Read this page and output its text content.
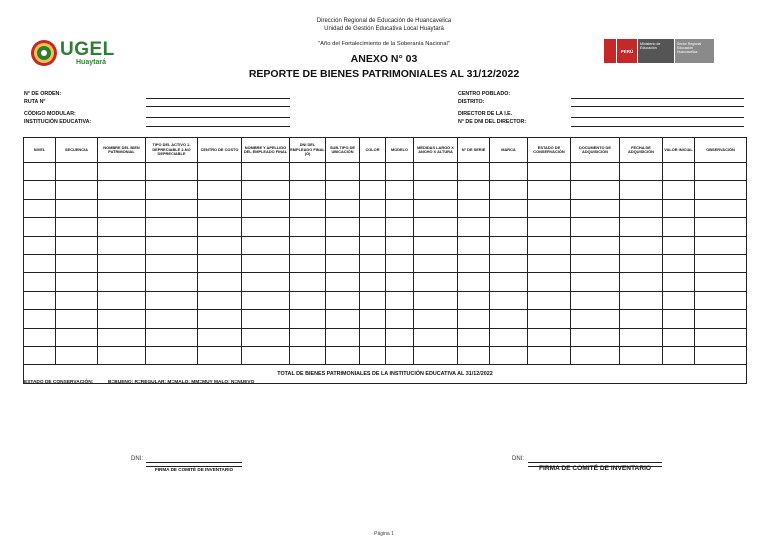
Dirección Regional de Educación de Huancavelica
Unidad de Gestión Educativa Local Huaytará
"Año del Fortalecimiento de la Soberanía Nacional"
ANEXO N° 03
REPORTE DE BIENES PATRIMONIALES AL 31/12/2022
UGEL
Huaytará
PERÚ
Ministerio de Educación
Sector Regional Educación Huancavelica
N° DE ORDEN:
RUTA N°
CÓDIGO MODULAR:
INSTITUCIÓN EDUCATIVA:
CENTRO POBLADO:
DISTRITO:
DIRECTOR DE LA I.E.
N° DE DNI DEL DIRECTOR:
NIVEL	SECUENCIA	NOMBRE DEL BIEN PATRIMONIAL	TIPO DEL ACTIVO 1-DEPRECIABLE 2-NO DEPRECIABLE	CENTRO DE COSTO	NOMBRE Y APELLIDO DEL EMPLEADO FINAL	DNI DEL EMPLEADO FINAL (O)	SUB-TIPO DE UBICACIÓN	COLOR	MODELO	MEDIDAS LARGO X ANCHO X ALTURA	N° DE SERIE	MARCA	ESTADO DE CONSERVACIÓN	DOCUMENTO DE ADQUISICIÓN	FECHA DE ADQUISICIÓN	VALOR INICIAL	OBSERVACIÓN

TOTAL DE BIENES PATRIMONIALES DE LA INSTITUCIÓN EDUCATIVA AL 31/12/2022																	
ESTADO DE CONSERVACIÓN:	B=BUENO; R=REGULAR; M=MALO; MM=MUY MALO; N=NUEVO
DNI:
FIRMA DE COMITÉ DE INVENTARIO
DNI:
FIRMA DE COMITÉ DE INVENTARIO
Página 1
